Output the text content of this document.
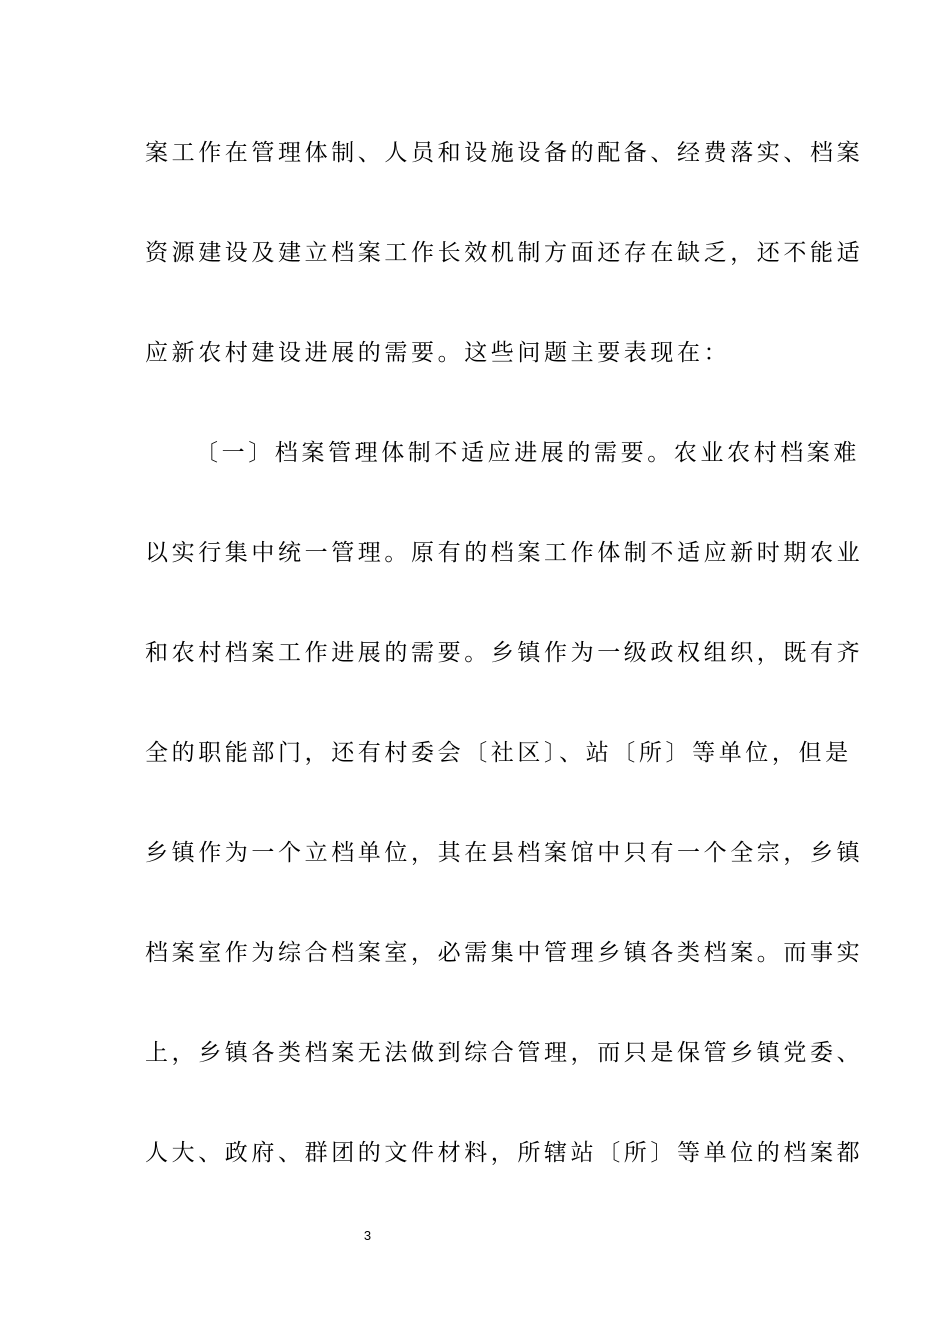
案工作在管理体制、人员和设施设备的配备、经费落实、档案
资源建设及建立档案工作长效机制方面还存在缺乏，还不能适
应新农村建设进展的需要。这些问题主要表现在：
〔一〕档案管理体制不适应进展的需要。农业农村档案难
以实行集中统一管理。原有的档案工作体制不适应新时期农业
和农村档案工作进展的需要。乡镇作为一级政权组织，既有齐
全的职能部门，还有村委会〔社区〕、站〔所〕等单位，但是
乡镇作为一个立档单位，其在县档案馆中只有一个全宗，乡镇
档案室作为综合档案室，必需集中管理乡镇各类档案。而事实
上，乡镇各类档案无法做到综合管理，而只是保管乡镇党委、
人大、政府、群团的文件材料，所辖站〔所〕等单位的档案都
3
